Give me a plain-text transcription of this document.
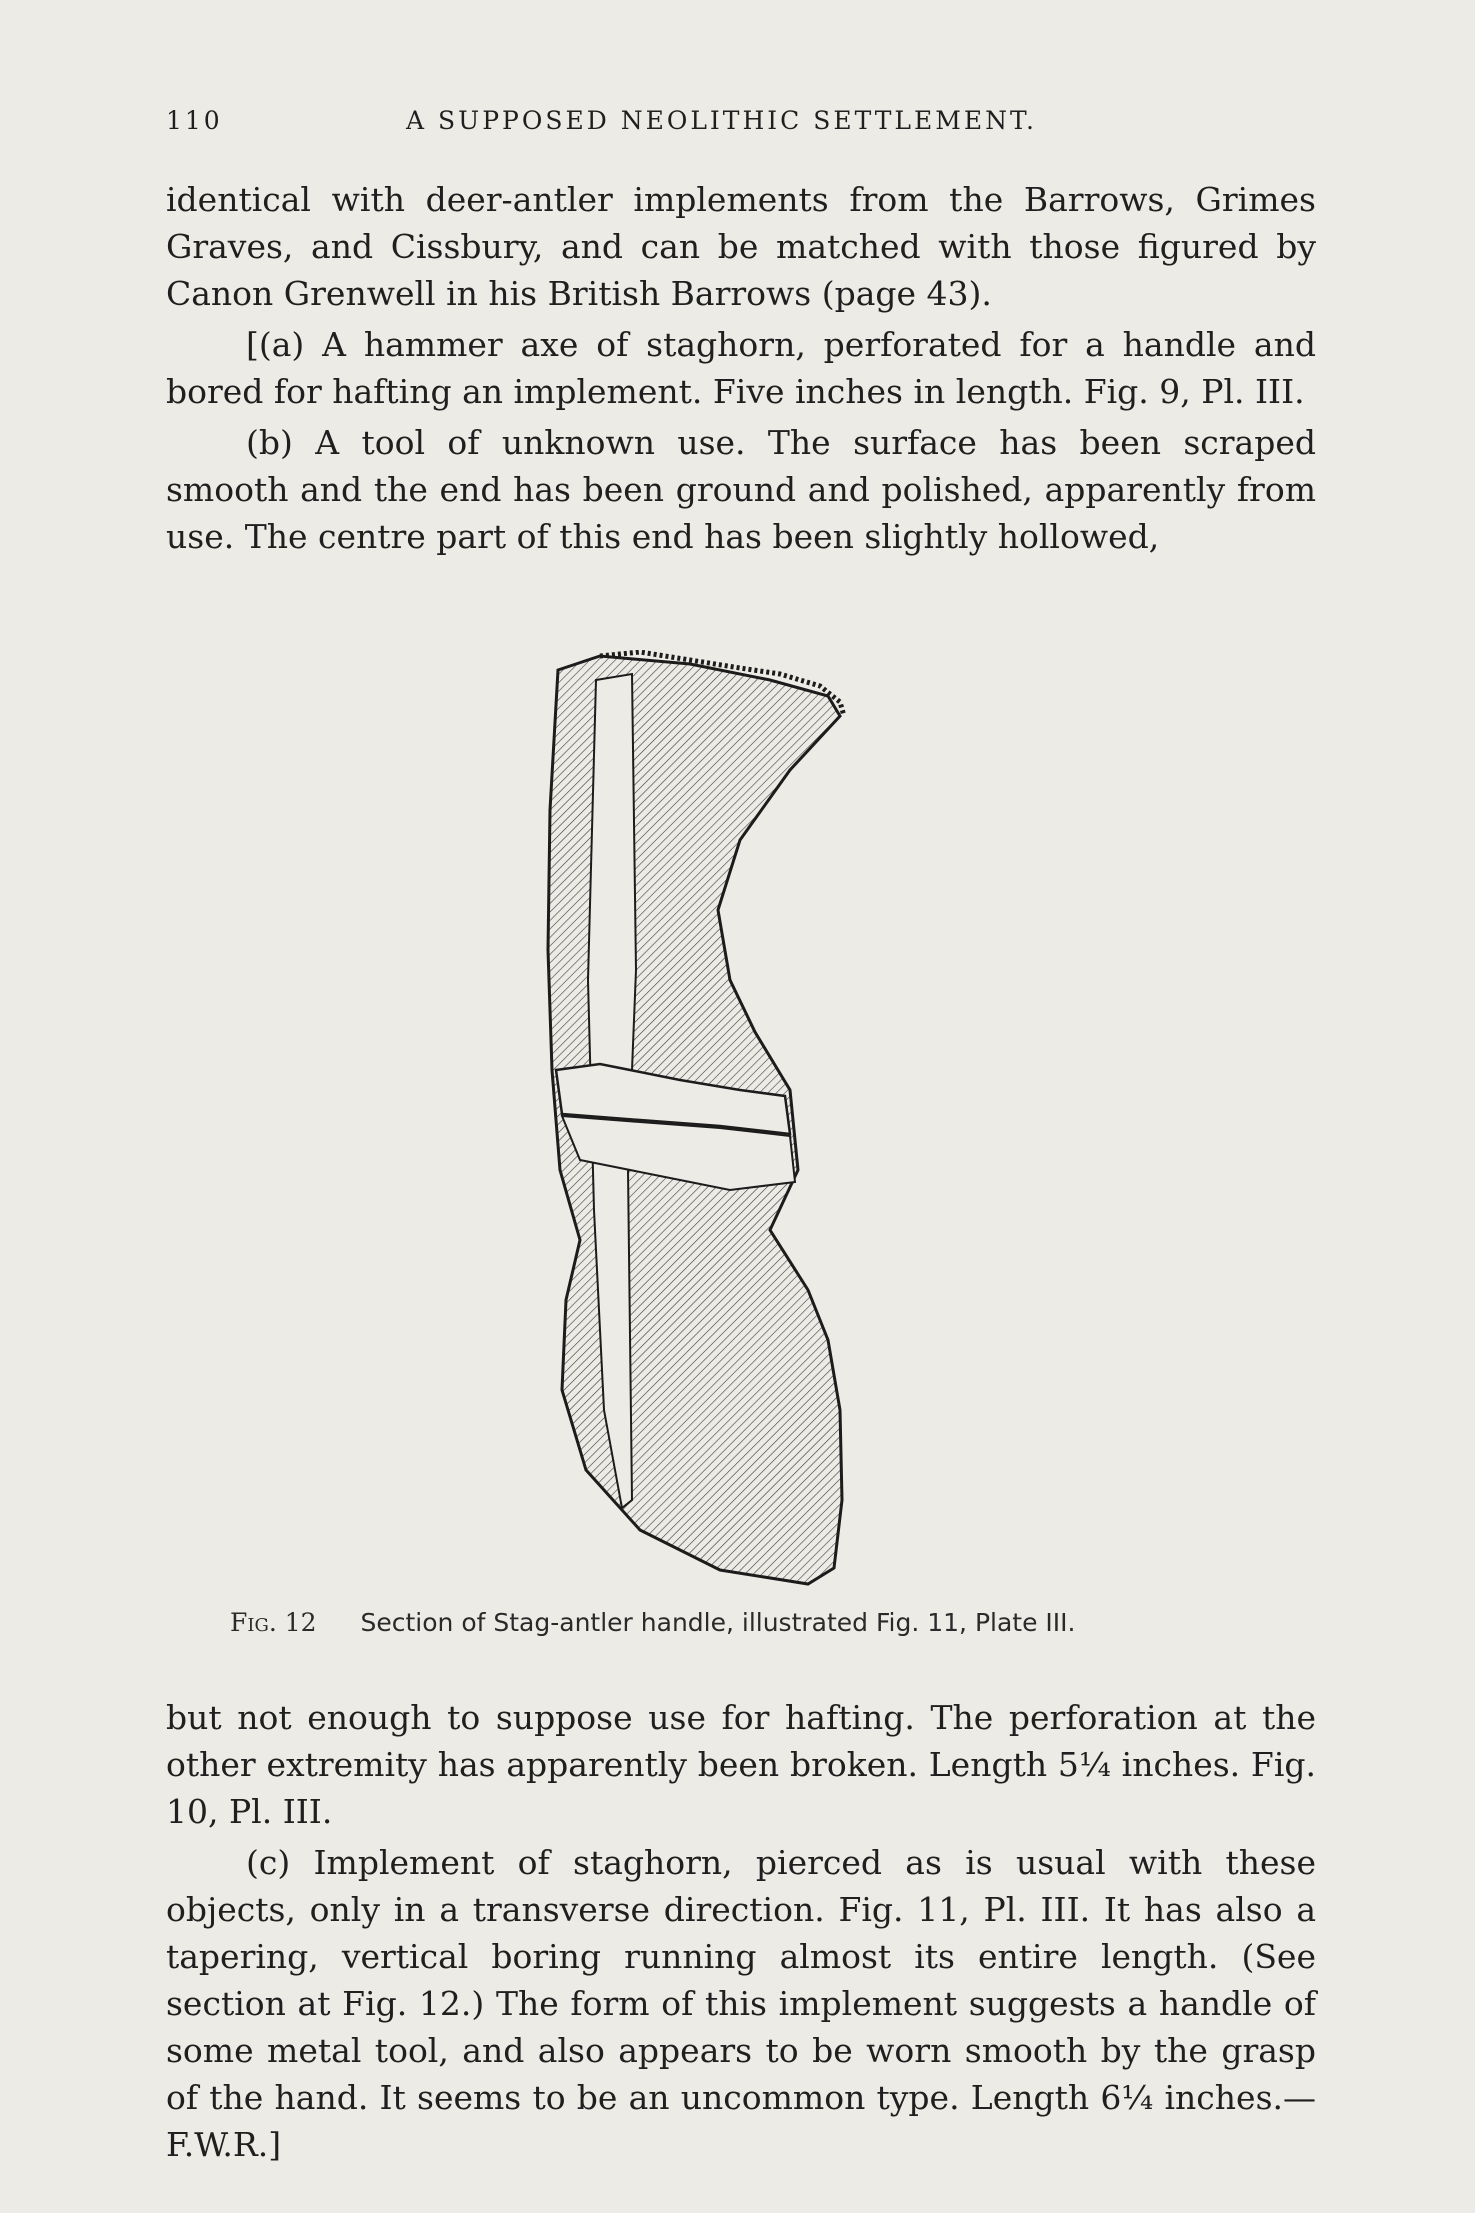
110	A SUPPOSED NEOLITHIC SETTLEMENT.

identical with deer-antler implements from the Barrows, Grimes Graves, and Cissbury, and can be matched with those figured by Canon Grenwell in his British Barrows (page 43).

[(a) A hammer axe of staghorn, perforated for a handle and bored for hafting an implement. Five inches in length. Fig. 9, Pl. III.

(b) A tool of unknown use. The surface has been scraped smooth and the end has been ground and polished, apparently from use. The centre part of this end has been slightly hollowed,

Fig. 12 Section of Stag-antler handle, illustrated Fig. 11, Plate III.

but not enough to suppose use for hafting. The perforation at the other extremity has apparently been broken. Length 5¼ inches. Fig. 10, Pl. III.

(c) Implement of staghorn, pierced as is usual with these objects, only in a transverse direction. Fig. 11, Pl. III. It has also a tapering, vertical boring running almost its entire length. (See section at Fig. 12.) The form of this implement suggests a handle of some metal tool, and also appears to be worn smooth by the grasp of the hand. It seems to be an uncommon type. Length 6¼ inches.—F.W.R.]
